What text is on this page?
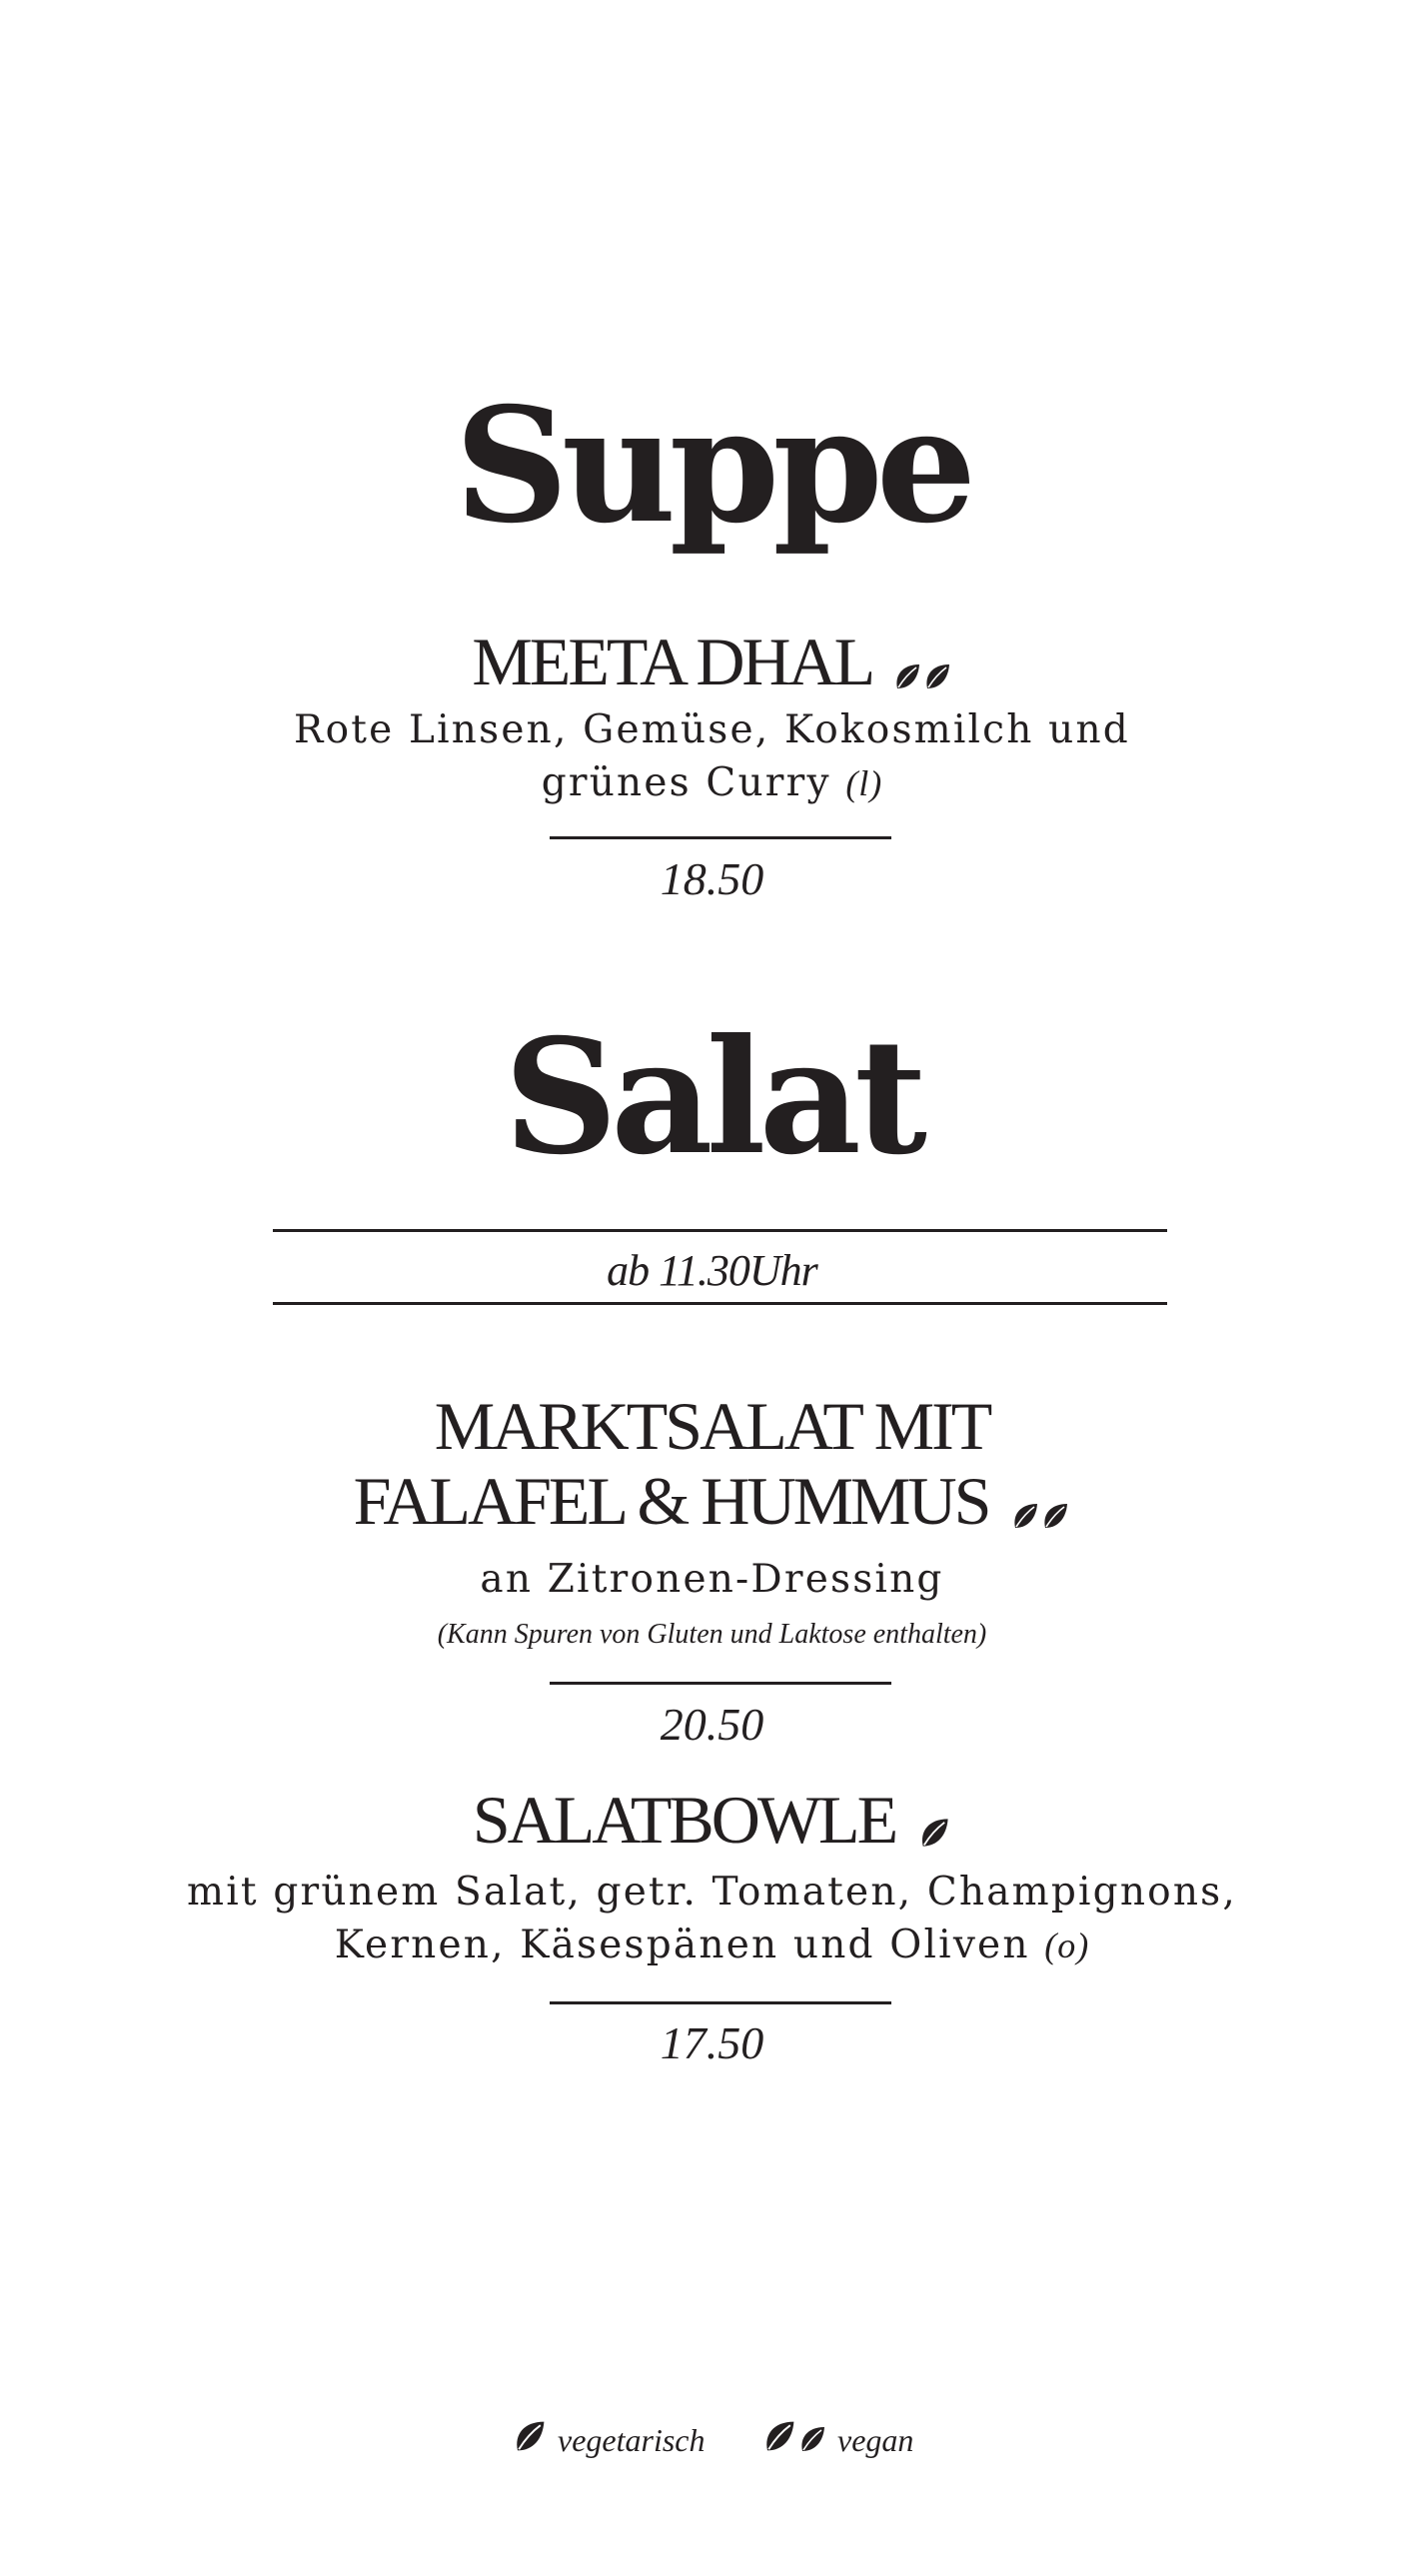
Suppe
MEETA DHAL
Rote Linsen, Gemüse, Kokosmilch und
grünes Curry (l)
18.50
Salat
ab 11.30Uhr
MARKTSALAT MIT
FALAFEL & HUMMUS
an Zitronen-Dressing
(Kann Spuren von Gluten und Laktose enthalten)
20.50
SALATBOWLE
mit grünem Salat, getr. Tomaten, Champignons,
Kernen, Käsespänen und Oliven (o)
17.50
vegetarisch	vegan
